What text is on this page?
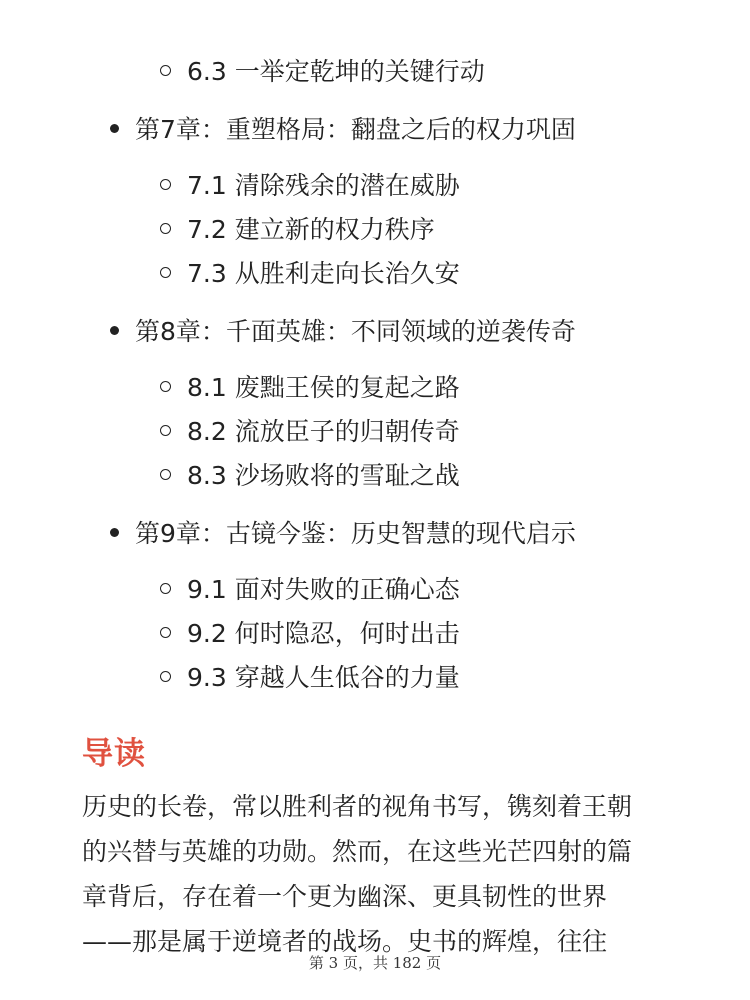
6.3 一举定乾坤的关键行动
第7章：重塑格局：翻盘之后的权力巩固
7.1 清除残余的潜在威胁
7.2 建立新的权力秩序
7.3 从胜利走向长治久安
第8章：千面英雄：不同领域的逆袭传奇
8.1 废黜王侯的复起之路
8.2 流放臣子的归朝传奇
8.3 沙场败将的雪耻之战
第9章：古镜今鉴：历史智慧的现代启示
9.1 面对失败的正确心态
9.2 何时隐忍，何时出击
9.3 穿越人生低谷的力量
导读
历史的长卷，常以胜利者的视角书写，镌刻着王朝
的兴替与英雄的功勋。然而，在这些光芒四射的篇
章背后，存在着一个更为幽深、更具韧性的世界
——那是属于逆境者的战场。史书的辉煌，往往
第 3 页，共 182 页
